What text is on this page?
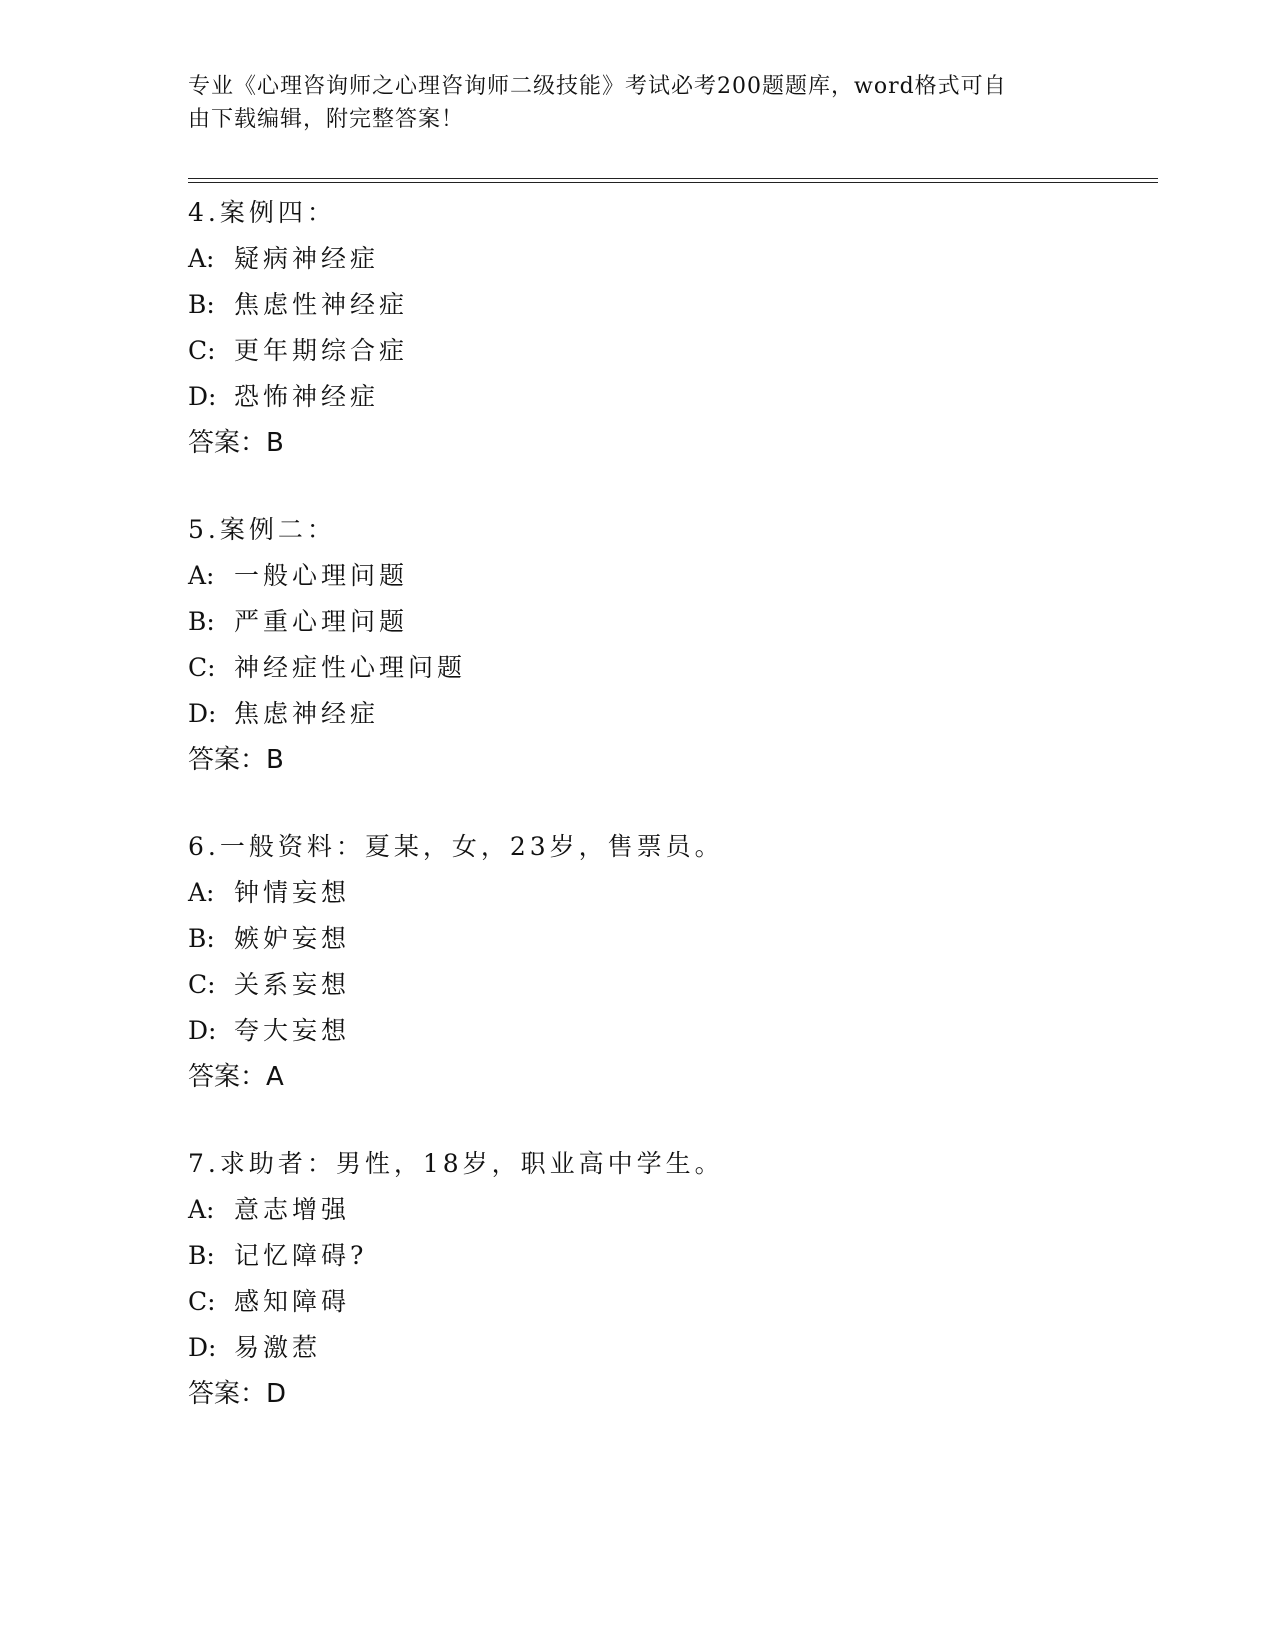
专业《心理咨询师之心理咨询师二级技能》考试必考200题题库，word格式可自
由下载编辑，附完整答案！
4.案例四：
A: 疑病神经症
B: 焦虑性神经症
C: 更年期综合症
D: 恐怖神经症
答案：B
5.案例二：
A: 一般心理问题
B: 严重心理问题
C: 神经症性心理问题
D: 焦虑神经症
答案：B
6.一般资料：夏某，女，23岁，售票员。
A: 钟情妄想
B: 嫉妒妄想
C: 关系妄想
D: 夸大妄想
答案：A
7.求助者：男性，18岁，职业高中学生。
A: 意志增强
B: 记忆障碍?
C: 感知障碍
D: 易激惹
答案：D
